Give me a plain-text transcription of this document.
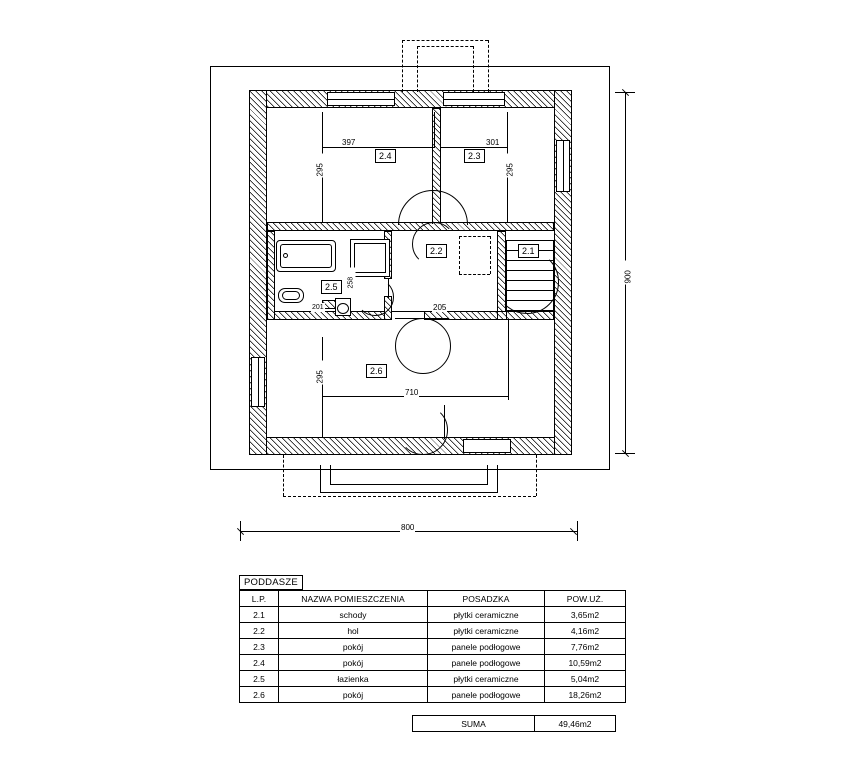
2.1
2.2
2.3
2.4
2.5
2.6
397	301
295	295
205
295
710
258
201
800
900
PODDASZE
L.P.	NAZWA POMIESZCZENIA	POSADZKA	POW.UŻ.
2.1	schody	płytki ceramiczne	3,65m2
2.2	hol	płytki ceramiczne	4,16m2
2.3	pokój	panele podłogowe	7,76m2
2.4	pokój	panele podłogowe	10,59m2
2.5	łazienka	płytki ceramiczne	5,04m2
2.6	pokój	panele podłogowe	18,26m2
SUMA	49,46m2
